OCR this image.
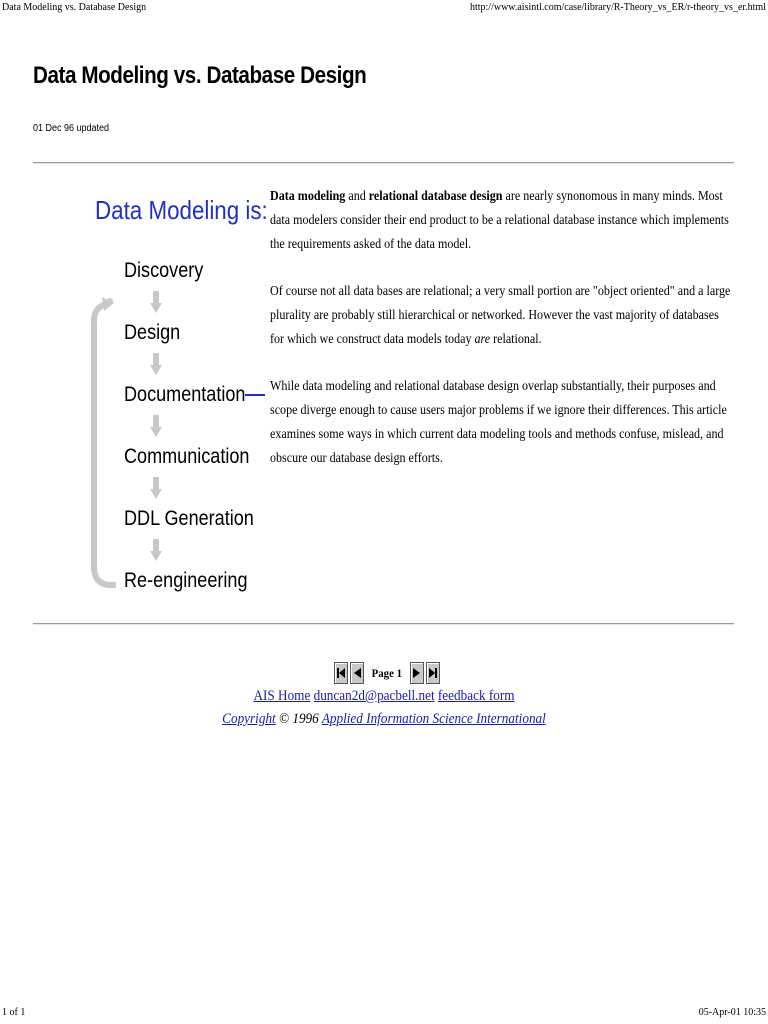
Data Modeling vs. Database Design	http://www.aisintl.com/case/library/R-Theory_vs_ER/r-theory_vs_er.html
Data Modeling vs. Database Design
01 Dec 96 updated
Data Modeling is:
Discovery
Design
Documentation
Communication
DDL Generation
Re-engineering

Data modeling and relational database design are nearly synonomous in many minds. Most data modelers consider their end product to be a relational database instance which implements the requirements asked of the data model.

Of course not all data bases are relational; a very small portion are "object oriented" and a large plurality are probably still hierarchical or networked. However the vast majority of databases for which we construct data models today are relational.

While data modeling and relational database design overlap substantially, their purposes and scope diverge enough to cause users major problems if we ignore their differences. This article examines some ways in which current data modeling tools and methods confuse, mislead, and obscure our database design efforts.

Page 1
AIS Home duncan2d@pacbell.net feedback form
Copyright © 1996 Applied Information Science International
1 of 1	05-Apr-01 10:35
